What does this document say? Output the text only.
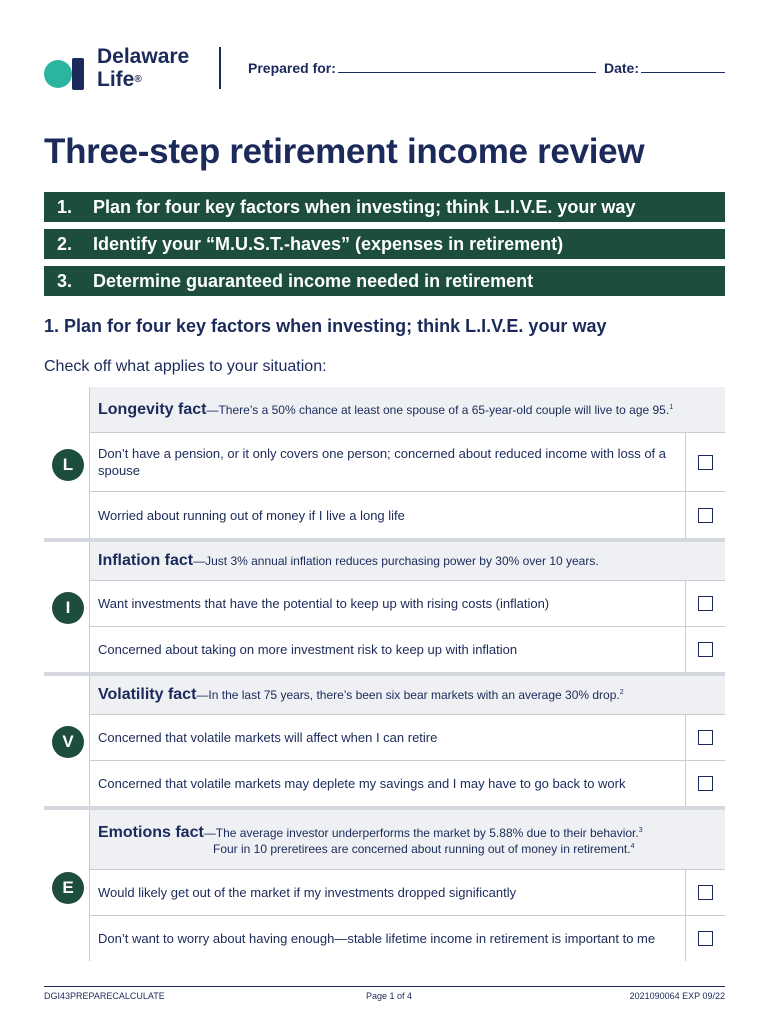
Delaware
Life®
Prepared for:	Date:
Three-step retirement income review
1.	Plan for four key factors when investing; think L.I.V.E. your way
2.	Identify your “M.U.S.T.-haves” (expenses in retirement)
3.	Determine guaranteed income needed in retirement
1. Plan for four key factors when investing; think L.I.V.E. your way
Check off what applies to your situation:
L
Longevity fact—There’s a 50% chance at least one spouse of a 65-year-old couple will live to age 95.$^1$
Don’t have a pension, or it only covers one person; concerned about reduced income with loss of a spouse
Worried about running out of money if I live a long life
I
Inflation fact—Just 3% annual inflation reduces purchasing power by 30% over 10 years.
Want investments that have the potential to keep up with rising costs (inflation)
Concerned about taking on more investment risk to keep up with inflation
V
Volatility fact—In the last 75 years, there’s been six bear markets with an average 30% drop.$^2$
Concerned that volatile markets will affect when I can retire
Concerned that volatile markets may deplete my savings and I may have to go back to work
E
Emotions fact—The average investor underperforms the market by 5.88% due to their behavior.$^3$
Four in 10 preretirees are concerned about running out of money in retirement.$^4$
Would likely get out of the market if my investments dropped significantly
Don’t want to worry about having enough—stable lifetime income in retirement is important to me
DGI43PREPARECALCULATE	Page 1 of 4	2021090064 EXP 09/22
